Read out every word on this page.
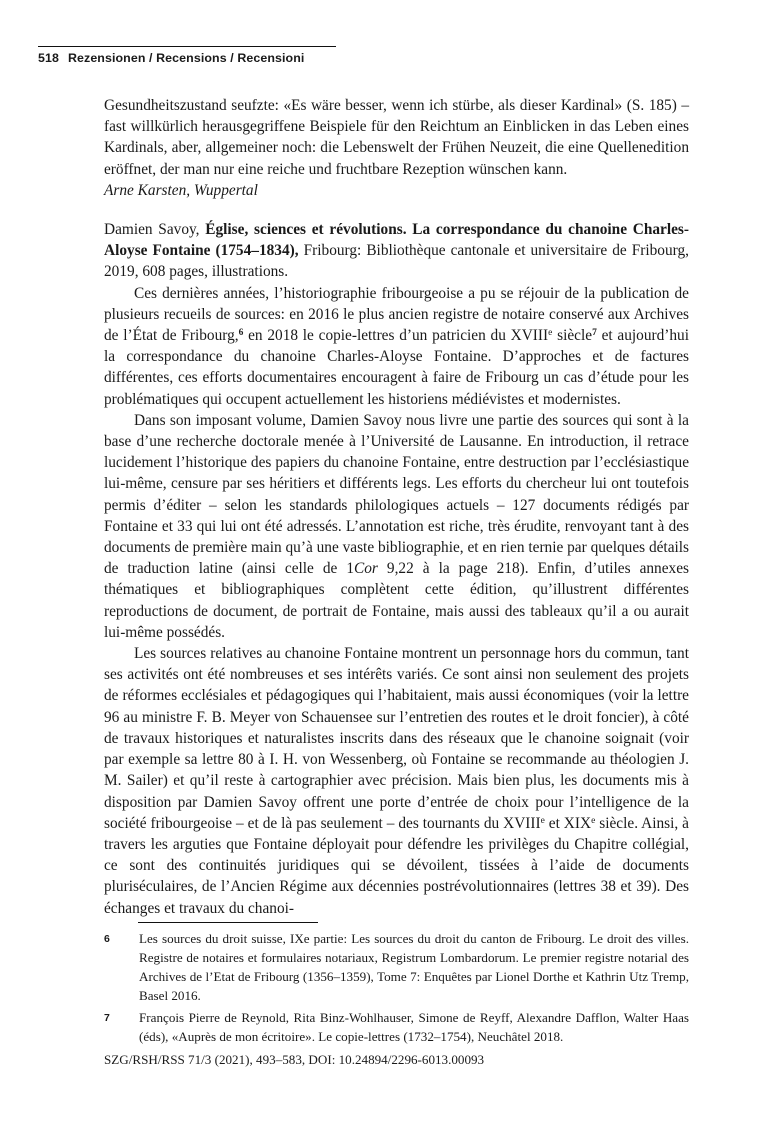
518 Rezensionen / Recensions / Recensioni

Gesundheitszustand seufzte: «Es wäre besser, wenn ich stürbe, als dieser Kardinal» (S. 185) – fast willkürlich herausgegriffene Beispiele für den Reichtum an Einblicken in das Leben eines Kardinals, aber, allgemeiner noch: die Lebenswelt der Frühen Neuzeit, die eine Quellenedition eröffnet, der man nur eine reiche und fruchtbare Rezeption wünschen kann.

Arne Karsten, Wuppertal

Damien Savoy, Église, sciences et révolutions. La correspondance du chanoine Charles-Aloyse Fontaine (1754–1834), Fribourg: Bibliothèque cantonale et universitaire de Fribourg, 2019, 608 pages, illustrations.

Ces dernières années, l’historiographie fribourgeoise a pu se réjouir de la publication de plusieurs recueils de sources: en 2016 le plus ancien registre de notaire conservé aux Archives de l’État de Fribourg,$^6$ en 2018 le copie-lettres d’un patricien du XVIIIe siècle$^7$ et aujourd’hui la correspondance du chanoine Charles-Aloyse Fontaine. D’approches et de factures différentes, ces efforts documentaires encouragent à faire de Fribourg un cas d’étude pour les problématiques qui occupent actuellement les historiens médiévistes et modernistes.

Dans son imposant volume, Damien Savoy nous livre une partie des sources qui sont à la base d’une recherche doctorale menée à l’Université de Lausanne. En introduction, il retrace lucidement l’historique des papiers du chanoine Fontaine, entre destruction par l’ecclésiastique lui-même, censure par ses héritiers et différents legs. Les efforts du chercheur lui ont toutefois permis d’éditer – selon les standards philologiques actuels – 127 documents rédigés par Fontaine et 33 qui lui ont été adressés. L’annotation est riche, très érudite, renvoyant tant à des documents de première main qu’à une vaste bibliographie, et en rien ternie par quelques détails de traduction latine (ainsi celle de 1Cor 9,22 à la page 218). Enfin, d’utiles annexes thématiques et bibliographiques complètent cette édition, qu’illustrent différentes reproductions de document, de portrait de Fontaine, mais aussi des tableaux qu’il a ou aurait lui-même possédés.

Les sources relatives au chanoine Fontaine montrent un personnage hors du commun, tant ses activités ont été nombreuses et ses intérêts variés. Ce sont ainsi non seulement des projets de réformes ecclésiales et pédagogiques qui l’habitaient, mais aussi économiques (voir la lettre 96 au ministre F. B. Meyer von Schauensee sur l’entretien des routes et le droit foncier), à côté de travaux historiques et naturalistes inscrits dans des réseaux que le chanoine soignait (voir par exemple sa lettre 80 à I. H. von Wessenberg, où Fontaine se recommande au théologien J. M. Sailer) et qu’il reste à cartographier avec précision. Mais bien plus, les documents mis à disposition par Damien Savoy offrent une porte d’entrée de choix pour l’intelligence de la société fribourgeoise – et de là pas seulement – des tournants du XVIIIe et XIXe siècle. Ainsi, à travers les arguties que Fontaine déployait pour défendre les privilèges du Chapitre collégial, ce sont des continuités juridiques qui se dévoilent, tissées à l’aide de documents pluriséculaires, de l’Ancien Régime aux décennies postrévolutionnaires (lettres 38 et 39). Des échanges et travaux du chanoi-

6	Les sources du droit suisse, IXe partie: Les sources du droit du canton de Fribourg. Le droit des villes. Registre de notaires et formulaires notariaux, Registrum Lombardorum. Le premier registre notarial des Archives de l’Etat de Fribourg (1356–1359), Tome 7: Enquêtes par Lionel Dorthe et Kathrin Utz Tremp, Basel 2016.
7	François Pierre de Reynold, Rita Binz-Wohlhauser, Simone de Reyff, Alexandre Dafflon, Walter Haas (éds), «Auprès de mon écritoire». Le copie-lettres (1732–1754), Neuchâtel 2018.
SZG/RSH/RSS 71/3 (2021), 493–583, DOI: 10.24894/2296-6013.00093
